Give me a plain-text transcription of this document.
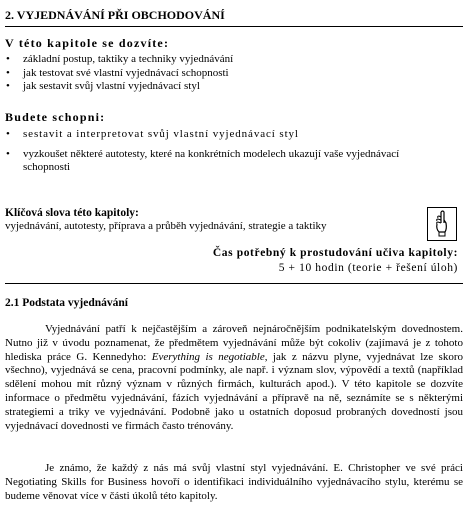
2. VYJEDNÁVÁNÍ PŘI OBCHODOVÁNÍ

V této kapitole se dozvíte:

• základní postup, taktiky a techniky vyjednávání
• jak testovat své vlastní vyjednávací schopnosti
• jak sestavit svůj vlastní vyjednávací styl

Budete schopni:

• sestavit a interpretovat svůj vlastní vyjednávací styl
• vyzkoušet některé autotesty, které na konkrétních modelech ukazují vaše vyjednávací schopnosti

Klíčová slova této kapitoly:

vyjednávání, autotesty, příprava a průběh vyjednávání, strategie a taktiky

Čas potřebný k prostudování učiva kapitoly:

5 + 10 hodin (teorie + řešení úloh)

2.1 Podstata vyjednávání

Vyjednávání patří k nejčastějším a zároveň nejnáročnějším podnikatelským dovednostem. Nutno již v úvodu poznamenat, že předmětem vyjednávání může být cokoliv (zajímavá je z tohoto hlediska práce G. Kennedyho: Everything is negotiable, jak z názvu plyne, vyjednávat lze skoro všechno), vyjednává se cena, pracovní podmínky, ale např. i význam slov, výpovědí a textů (například sdělení mohou mít různý význam v různých firmách, kulturách apod.). V této kapitole se dozvíte informace o předmětu vyjednávání, fázích vyjednávání a přípravě na ně, seznámíte se s některými strategiemi a triky ve vyjednávání. Podobně jako u ostatních doposud probraných dovedností jsou vyjednávací dovednosti ve firmách často trénovány.

Je známo, že každý z nás má svůj vlastní styl vyjednávání. E. Christopher ve své práci Negotiating Skills for Business hovoří o identifikaci individuálního vyjednávacího stylu, kterému se budeme věnovat více v části úkolů této kapitoly.
